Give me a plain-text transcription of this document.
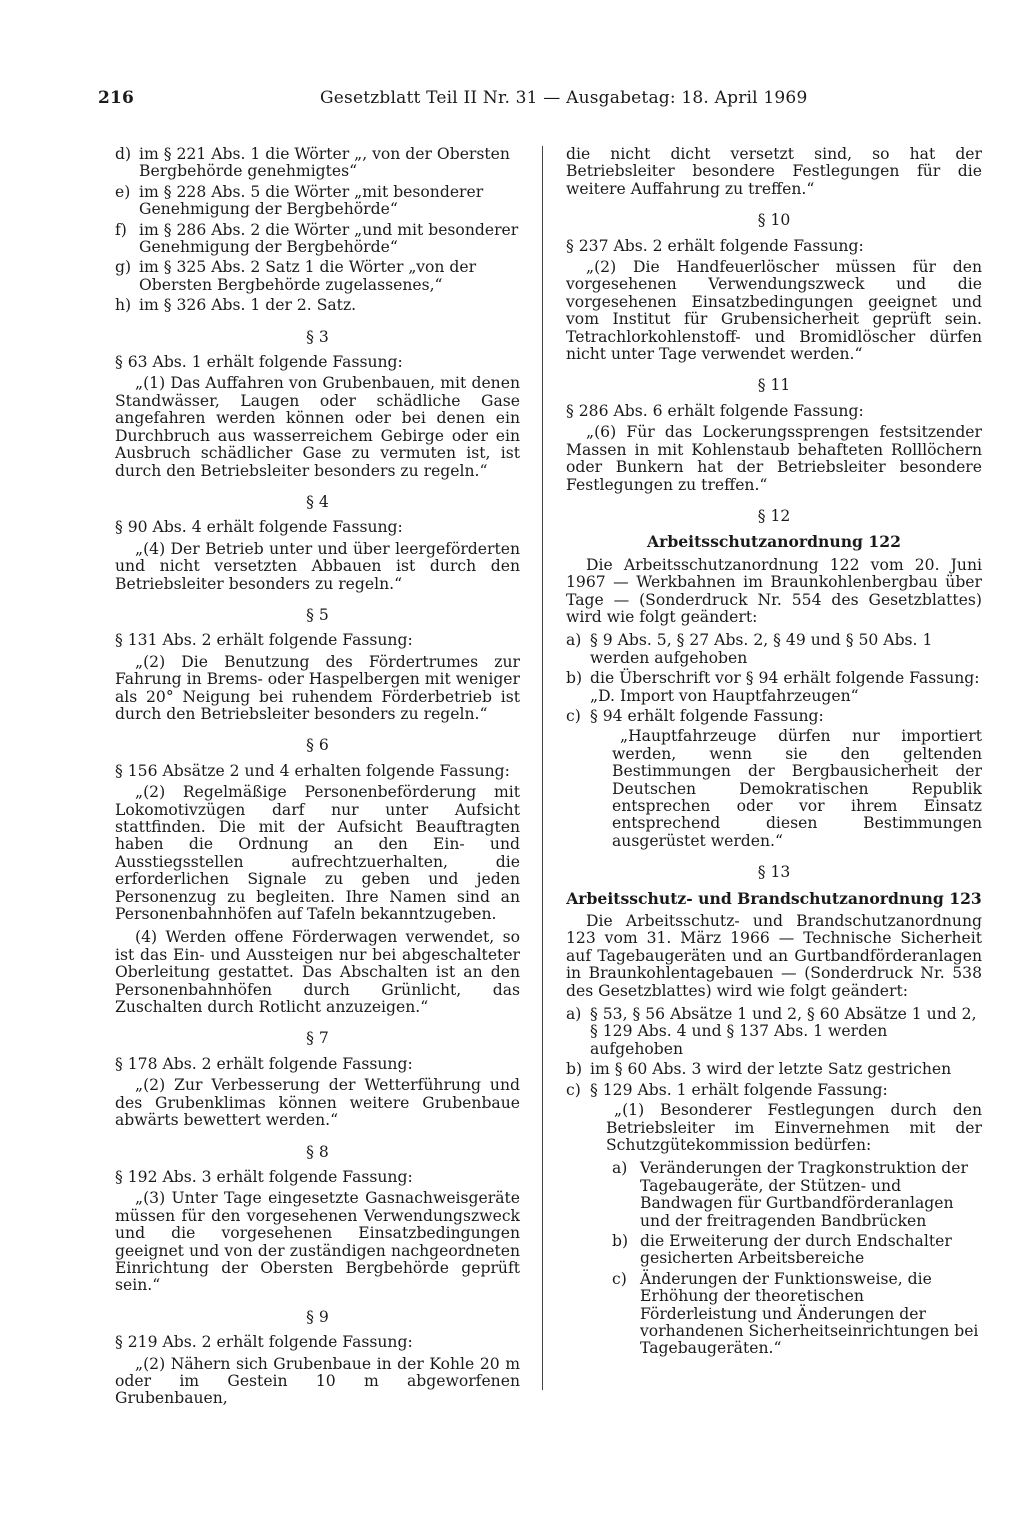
216	Gesetzblatt Teil II Nr. 31 — Ausgabetag: 18. April 1969
d) im § 221 Abs. 1 die Wörter „, von der Obersten Bergbehörde genehmigtes“
e) im § 228 Abs. 5 die Wörter „mit besonderer Genehmigung der Bergbehörde“
f) im § 286 Abs. 2 die Wörter „und mit besonderer Genehmigung der Bergbehörde“
g) im § 325 Abs. 2 Satz 1 die Wörter „von der Obersten Bergbehörde zugelassenes,“
h) im § 326 Abs. 1 der 2. Satz.

§ 3

§ 63 Abs. 1 erhält folgende Fassung:

„(1) Das Auffahren von Grubenbauen, mit denen Standwässer, Laugen oder schädliche Gase angefahren werden können oder bei denen ein Durchbruch aus wasserreichem Gebirge oder ein Ausbruch schädlicher Gase zu vermuten ist, ist durch den Betriebsleiter besonders zu regeln.“

§ 4

§ 90 Abs. 4 erhält folgende Fassung:

„(4) Der Betrieb unter und über leergeförderten und nicht versetzten Abbauen ist durch den Betriebsleiter besonders zu regeln.“

§ 5

§ 131 Abs. 2 erhält folgende Fassung:

„(2) Die Benutzung des Fördertrumes zur Fahrung in Brems- oder Haspelbergen mit weniger als 20° Neigung bei ruhendem Förderbetrieb ist durch den Betriebsleiter besonders zu regeln.“

§ 6

§ 156 Absätze 2 und 4 erhalten folgende Fassung:

„(2) Regelmäßige Personenbeförderung mit Lokomotivzügen darf nur unter Aufsicht stattfinden. Die mit der Aufsicht Beauftragten haben die Ordnung an den Ein- und Ausstiegsstellen aufrechtzuerhalten, die erforderlichen Signale zu geben und jeden Personenzug zu begleiten. Ihre Namen sind an Personenbahnhöfen auf Tafeln bekanntzugeben.

(4) Werden offene Förderwagen verwendet, so ist das Ein- und Aussteigen nur bei abgeschalteter Oberleitung gestattet. Das Abschalten ist an den Personenbahnhöfen durch Grünlicht, das Zuschalten durch Rotlicht anzuzeigen.“

§ 7

§ 178 Abs. 2 erhält folgende Fassung:

„(2) Zur Verbesserung der Wetterführung und des Grubenklimas können weitere Grubenbaue abwärts bewettert werden.“

§ 8

§ 192 Abs. 3 erhält folgende Fassung:

„(3) Unter Tage eingesetzte Gasnachweisgeräte müssen für den vorgesehenen Verwendungszweck und die vorgesehenen Einsatzbedingungen geeignet und von der zuständigen nachgeordneten Einrichtung der Obersten Bergbehörde geprüft sein.“

§ 9

§ 219 Abs. 2 erhält folgende Fassung:

„(2) Nähern sich Grubenbaue in der Kohle 20 m oder im Gestein 10 m abgeworfenen Grubenbauen,

die nicht dicht versetzt sind, so hat der Betriebsleiter besondere Festlegungen für die weitere Auffahrung zu treffen.“

§ 10

§ 237 Abs. 2 erhält folgende Fassung:

„(2) Die Handfeuerlöscher müssen für den vorgesehenen Verwendungszweck und die vorgesehenen Einsatzbedingungen geeignet und vom Institut für Grubensicherheit geprüft sein. Tetrachlorkohlenstoff- und Bromidlöscher dürfen nicht unter Tage verwendet werden.“

§ 11

§ 286 Abs. 6 erhält folgende Fassung:

„(6) Für das Lockerungssprengen festsitzender Massen in mit Kohlenstaub behafteten Rolllöchern oder Bunkern hat der Betriebsleiter besondere Festlegungen zu treffen.“

§ 12

Arbeitsschutzanordnung 122

Die Arbeitsschutzanordnung 122 vom 20. Juni 1967 — Werkbahnen im Braunkohlenbergbau über Tage — (Sonderdruck Nr. 554 des Gesetzblattes) wird wie folgt geändert:

a) § 9 Abs. 5, § 27 Abs. 2, § 49 und § 50 Abs. 1 werden aufgehoben
b) die Überschrift vor § 94 erhält folgende Fassung: „D. Import von Hauptfahrzeugen“
c) § 94 erhält folgende Fassung:

„Hauptfahrzeuge dürfen nur importiert werden, wenn sie den geltenden Bestimmungen der Bergbausicherheit der Deutschen Demokratischen Republik entsprechen oder vor ihrem Einsatz entsprechend diesen Bestimmungen ausgerüstet werden.“

§ 13

Arbeitsschutz- und Brandschutzanordnung 123

Die Arbeitsschutz- und Brandschutzanordnung 123 vom 31. März 1966 — Technische Sicherheit auf Tagebaugeräten und an Gurtbandförderanlagen in Braunkohlentagebauen — (Sonderdruck Nr. 538 des Gesetzblattes) wird wie folgt geändert:

a) § 53, § 56 Absätze 1 und 2, § 60 Absätze 1 und 2, § 129 Abs. 4 und § 137 Abs. 1 werden aufgehoben
b) im § 60 Abs. 3 wird der letzte Satz gestrichen
c) § 129 Abs. 1 erhält folgende Fassung:

„(1) Besonderer Festlegungen durch den Betriebsleiter im Einvernehmen mit der Schutzgütekommission bedürfen:

a) Veränderungen der Tragkonstruktion der Tagebaugeräte, der Stützen- und Bandwagen für Gurtbandförderanlagen und der freitragenden Bandbrücken
b) die Erweiterung der durch Endschalter gesicherten Arbeitsbereiche
c) Änderungen der Funktionsweise, die Erhöhung der theoretischen Förderleistung und Änderungen der vorhandenen Sicherheitseinrichtungen bei Tagebaugeräten.“
